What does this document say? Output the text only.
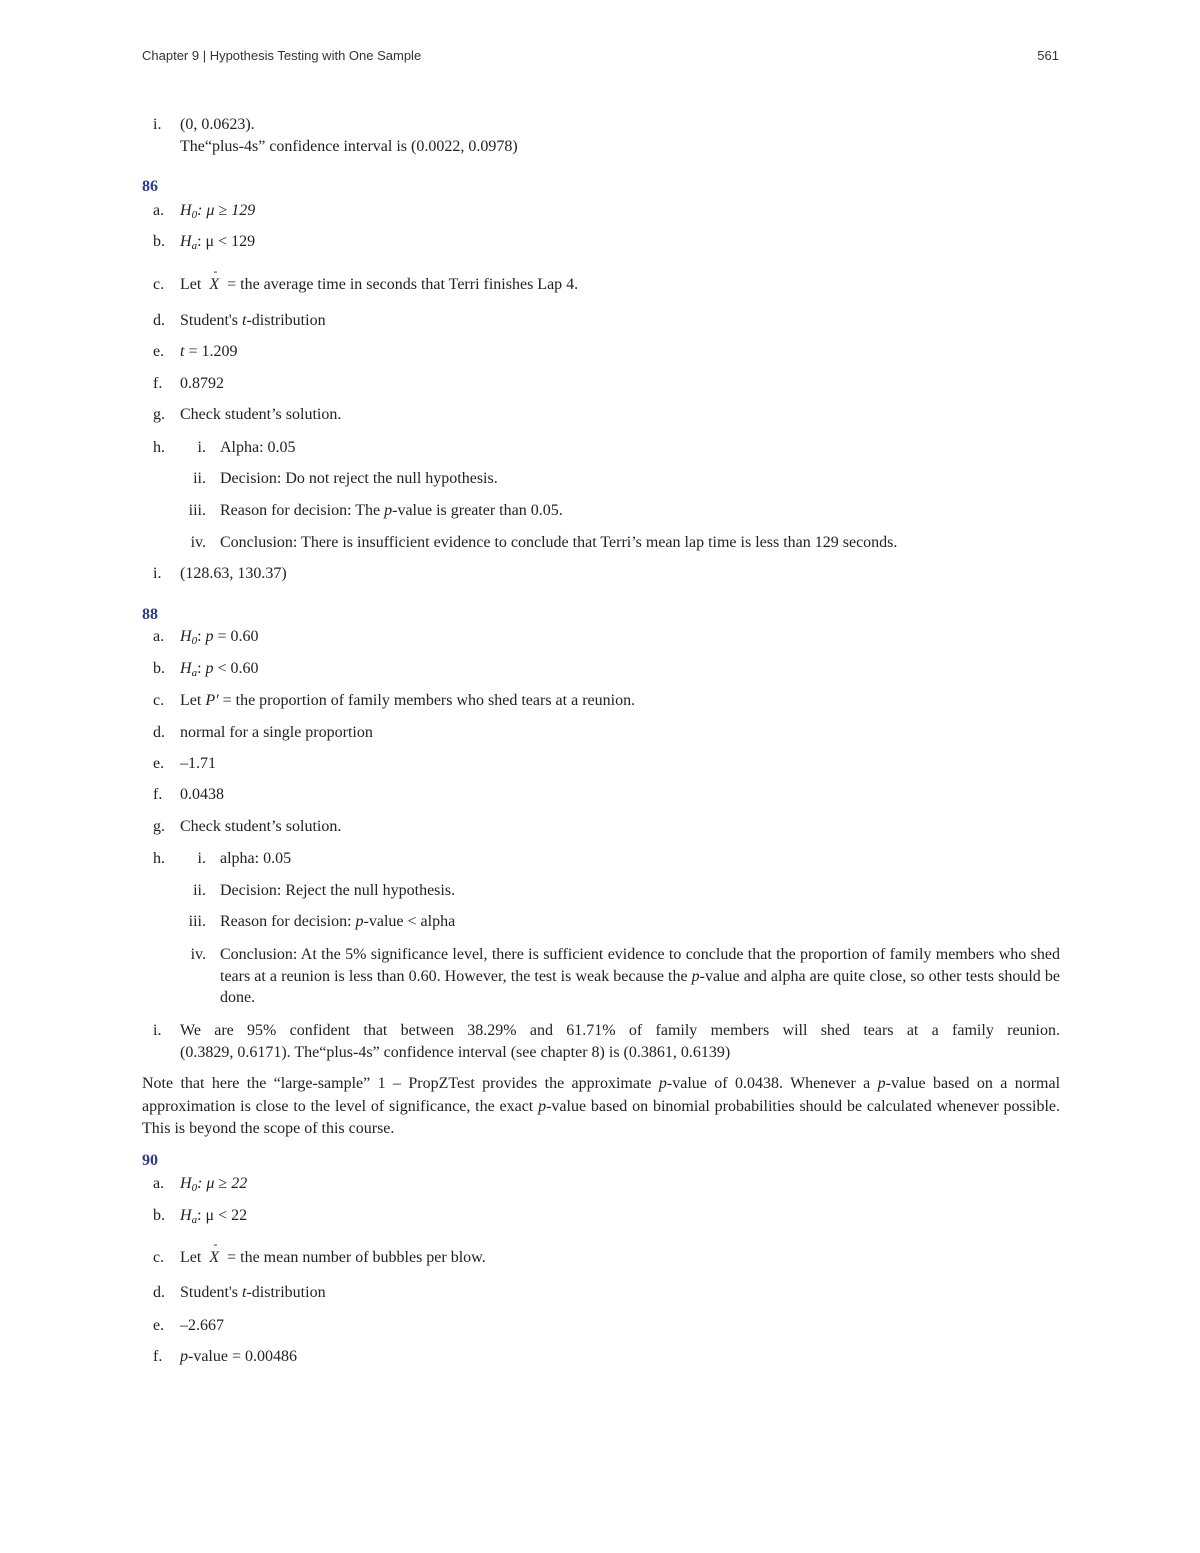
Chapter 9 | Hypothesis Testing with One Sample	561
i.	(0, 0.0623).
The“plus-4s” confidence interval is (0.0022, 0.0978)
86
a. $H_0$: μ ≥ 129
b. $H_a$: μ < 129
c. Let - X = the average time in seconds that Terri finishes Lap 4.
d. Student's t-distribution
e. t = 1.209
f.	0.8792
g. Check student’s solution.
h.	i. Alpha: 0.05
ii. Decision: Do not reject the null hypothesis.
iii. Reason for decision: The p-value is greater than 0.05.
iv. Conclusion: There is insufficient evidence to conclude that Terri’s mean lap time is less than 129 seconds.
i.	(128.63, 130.37)
88
a. $H_0$: p = 0.60
b. $H_a$: p < 0.60
c. Let P′ = the proportion of family members who shed tears at a reunion.
d. normal for a single proportion
e. –1.71
f.	0.0438
g. Check student’s solution.
h.	i. alpha: 0.05
ii. Decision: Reject the null hypothesis.
iii. Reason for decision: p-value < alpha
iv. Conclusion: At the 5% significance level, there is sufficient evidence to conclude that the proportion of family members who shed tears at a reunion is less than 0.60. However, the test is weak because the p-value and alpha are quite close, so other tests should be done.
i.	We are 95% confident that between 38.29% and 61.71% of family members will shed tears at a family reunion.
(0.3829, 0.6171). The“plus-4s” confidence interval (see chapter 8) is (0.3861, 0.6139)
Note that here the “large-sample” 1 – PropZTest provides the approximate p-value of 0.0438. Whenever a p-value based on a normal approximation is close to the level of significance, the exact p-value based on binomial probabilities should be calculated whenever possible. This is beyond the scope of this course.
90
a. $H_0$: μ ≥ 22
b. $H_a$: μ < 22
c. Let - X = the mean number of bubbles per blow.
d. Student's t-distribution
e. –2.667
f.	p-value = 0.00486
